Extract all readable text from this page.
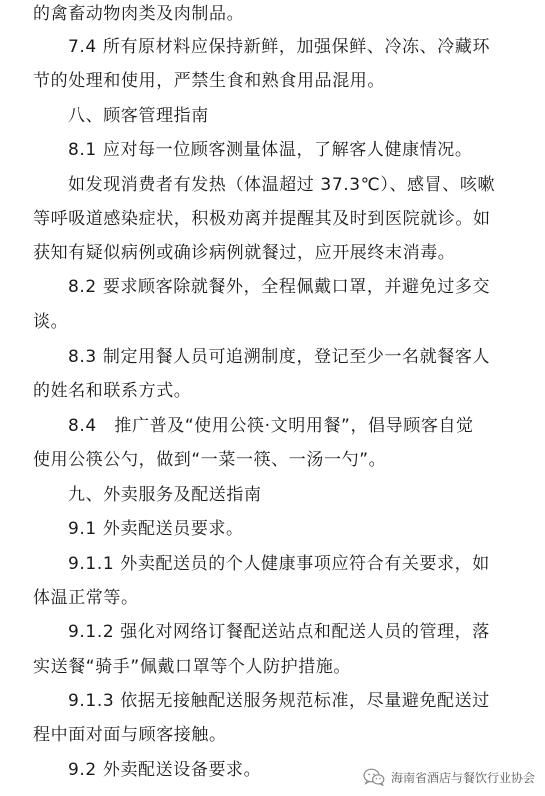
的禽畜动物肉类及肉制品。
7.4 所有原材料应保持新鲜，加强保鲜、冷冻、冷藏环
节的处理和使用，严禁生食和熟食用品混用。
八、顾客管理指南
8.1 应对每一位顾客测量体温，了解客人健康情况。
如发现消费者有发热（体温超过 37.3℃）、感冒、咳嗽
等呼吸道感染症状，积极劝离并提醒其及时到医院就诊。如
获知有疑似病例或确诊病例就餐过，应开展终末消毒。
8.2 要求顾客除就餐外，全程佩戴口罩，并避免过多交
谈。
8.3 制定用餐人员可追溯制度，登记至少一名就餐客人
的姓名和联系方式。
8.4　推广普及“使用公筷·文明用餐”，倡导顾客自觉
使用公筷公勺，做到“一菜一筷、一汤一勺”。
九、外卖服务及配送指南
9.1 外卖配送员要求。
9.1.1 外卖配送员的个人健康事项应符合有关要求，如
体温正常等。
9.1.2 强化对网络订餐配送站点和配送人员的管理，落
实送餐“骑手”佩戴口罩等个人防护措施。
9.1.3 依据无接触配送服务规范标准，尽量避免配送过
程中面对面与顾客接触。
9.2 外卖配送设备要求。	海南省酒店与餐饮行业协会
